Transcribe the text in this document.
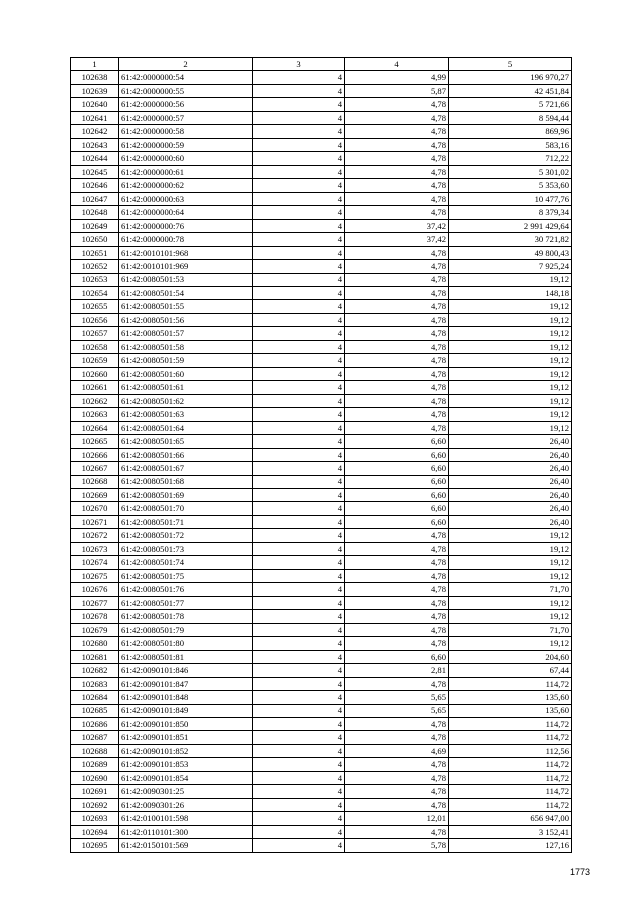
1	2	3	4	5
102638	61:42:0000000:54	4	4,99	196 970,27
102639	61:42:0000000:55	4	5,87	42 451,84
102640	61:42:0000000:56	4	4,78	5 721,66
102641	61:42:0000000:57	4	4,78	8 594,44
102642	61:42:0000000:58	4	4,78	869,96
102643	61:42:0000000:59	4	4,78	583,16
102644	61:42:0000000:60	4	4,78	712,22
102645	61:42:0000000:61	4	4,78	5 301,02
102646	61:42:0000000:62	4	4,78	5 353,60
102647	61:42:0000000:63	4	4,78	10 477,76
102648	61:42:0000000:64	4	4,78	8 379,34
102649	61:42:0000000:76	4	37,42	2 991 429,64
102650	61:42:0000000:78	4	37,42	30 721,82
102651	61:42:0010101:968	4	4,78	49 800,43
102652	61:42:0010101:969	4	4,78	7 925,24
102653	61:42:0080501:53	4	4,78	19,12
102654	61:42:0080501:54	4	4,78	148,18
102655	61:42:0080501:55	4	4,78	19,12
102656	61:42:0080501:56	4	4,78	19,12
102657	61:42:0080501:57	4	4,78	19,12
102658	61:42:0080501:58	4	4,78	19,12
102659	61:42:0080501:59	4	4,78	19,12
102660	61:42:0080501:60	4	4,78	19,12
102661	61:42:0080501:61	4	4,78	19,12
102662	61:42:0080501:62	4	4,78	19,12
102663	61:42:0080501:63	4	4,78	19,12
102664	61:42:0080501:64	4	4,78	19,12
102665	61:42:0080501:65	4	6,60	26,40
102666	61:42:0080501:66	4	6,60	26,40
102667	61:42:0080501:67	4	6,60	26,40
102668	61:42:0080501:68	4	6,60	26,40
102669	61:42:0080501:69	4	6,60	26,40
102670	61:42:0080501:70	4	6,60	26,40
102671	61:42:0080501:71	4	6,60	26,40
102672	61:42:0080501:72	4	4,78	19,12
102673	61:42:0080501:73	4	4,78	19,12
102674	61:42:0080501:74	4	4,78	19,12
102675	61:42:0080501:75	4	4,78	19,12
102676	61:42:0080501:76	4	4,78	71,70
102677	61:42:0080501:77	4	4,78	19,12
102678	61:42:0080501:78	4	4,78	19,12
102679	61:42:0080501:79	4	4,78	71,70
102680	61:42:0080501:80	4	4,78	19,12
102681	61:42:0080501:81	4	6,60	204,60
102682	61:42:0090101:846	4	2,81	67,44
102683	61:42:0090101:847	4	4,78	114,72
102684	61:42:0090101:848	4	5,65	135,60
102685	61:42:0090101:849	4	5,65	135,60
102686	61:42:0090101:850	4	4,78	114,72
102687	61:42:0090101:851	4	4,78	114,72
102688	61:42:0090101:852	4	4,69	112,56
102689	61:42:0090101:853	4	4,78	114,72
102690	61:42:0090101:854	4	4,78	114,72
102691	61:42:0090301:25	4	4,78	114,72
102692	61:42:0090301:26	4	4,78	114,72
102693	61:42:0100101:598	4	12,01	656 947,00
102694	61:42:0110101:300	4	4,78	3 152,41
102695	61:42:0150101:569	4	5,78	127,16
1773
